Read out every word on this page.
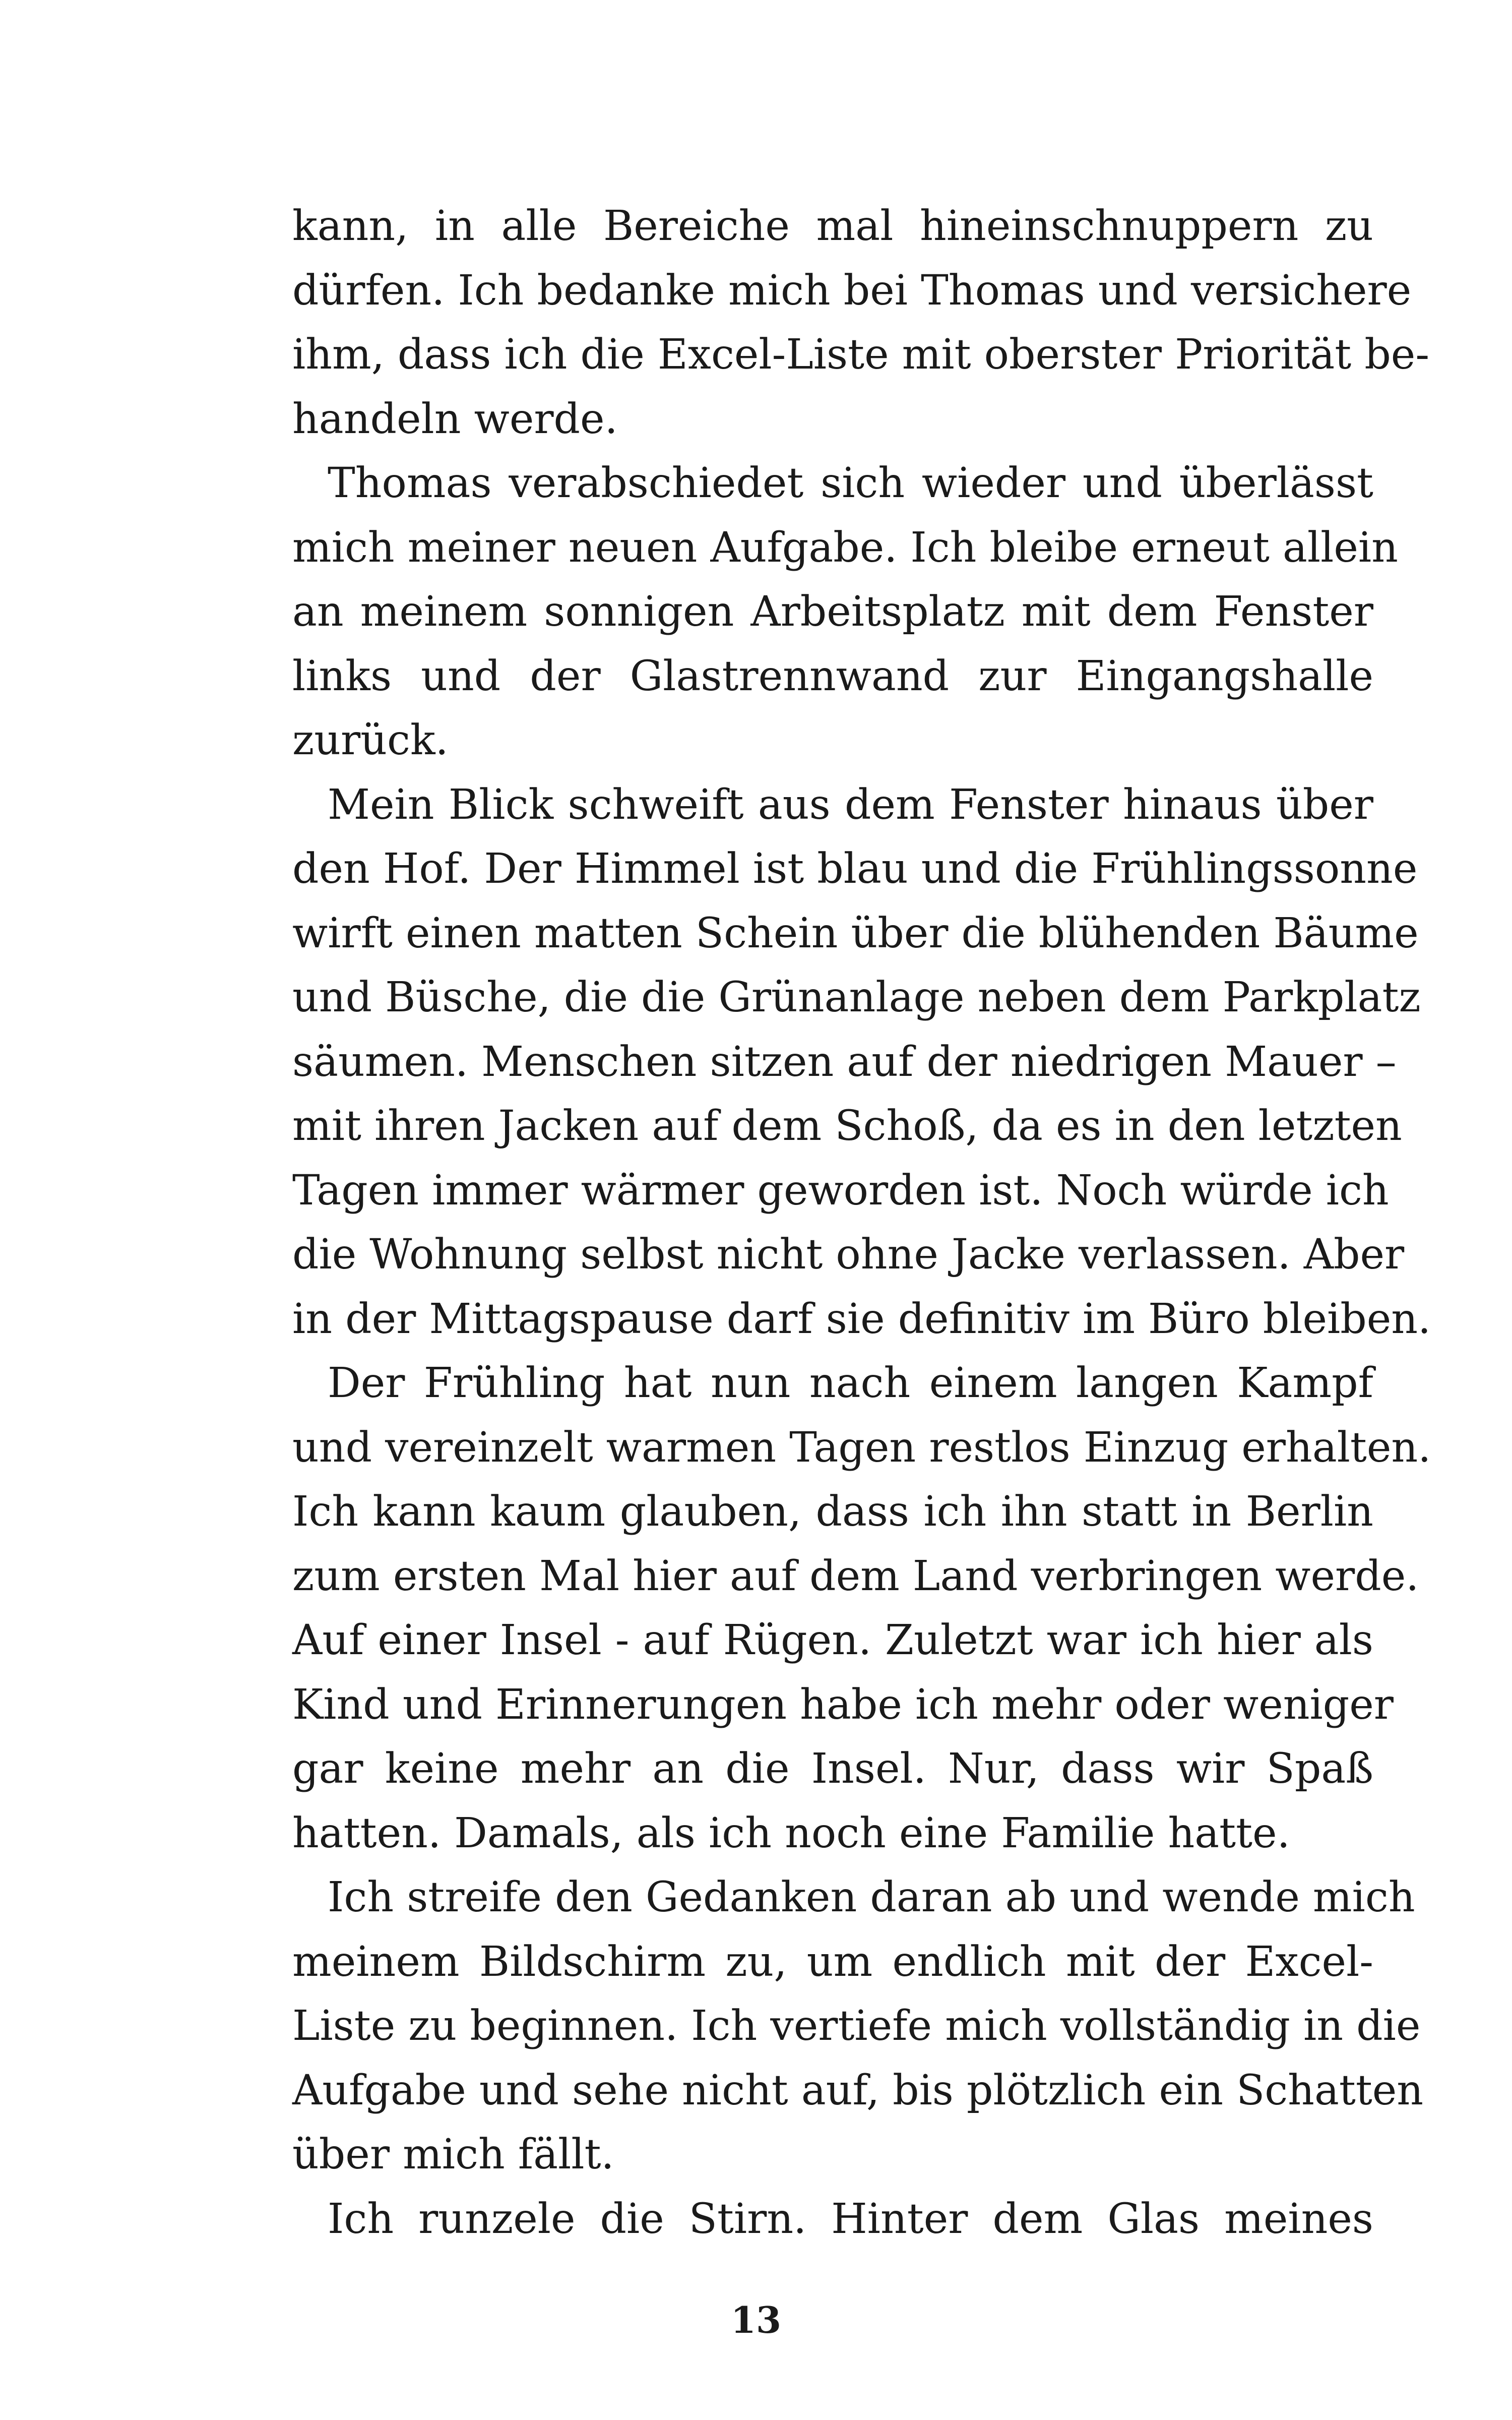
kann, in alle Bereiche mal hineinschnuppern zu
dürfen. Ich bedanke mich bei Thomas und versichere
ihm, dass ich die Excel-Liste mit oberster Priorität be-
handeln werde.
Thomas verabschiedet sich wieder und überlässt
mich meiner neuen Aufgabe. Ich bleibe erneut allein
an meinem sonnigen Arbeitsplatz mit dem Fenster
links und der Glastrennwand zur Eingangshalle
zurück.
Mein Blick schweift aus dem Fenster hinaus über
den Hof. Der Himmel ist blau und die Frühlingssonne
wirft einen matten Schein über die blühenden Bäume
und Büsche, die die Grünanlage neben dem Parkplatz
säumen. Menschen sitzen auf der niedrigen Mauer –
mit ihren Jacken auf dem Schoß, da es in den letzten
Tagen immer wärmer geworden ist. Noch würde ich
die Wohnung selbst nicht ohne Jacke verlassen. Aber
in der Mittagspause darf sie definitiv im Büro bleiben.
Der Frühling hat nun nach einem langen Kampf
und vereinzelt warmen Tagen restlos Einzug erhalten.
Ich kann kaum glauben, dass ich ihn statt in Berlin
zum ersten Mal hier auf dem Land verbringen werde.
Auf einer Insel - auf Rügen. Zuletzt war ich hier als
Kind und Erinnerungen habe ich mehr oder weniger
gar keine mehr an die Insel. Nur, dass wir Spaß
hatten. Damals, als ich noch eine Familie hatte.
Ich streife den Gedanken daran ab und wende mich
meinem Bildschirm zu, um endlich mit der Excel-
Liste zu beginnen. Ich vertiefe mich vollständig in die
Aufgabe und sehe nicht auf, bis plötzlich ein Schatten
über mich fällt.
Ich runzele die Stirn. Hinter dem Glas meines
13
